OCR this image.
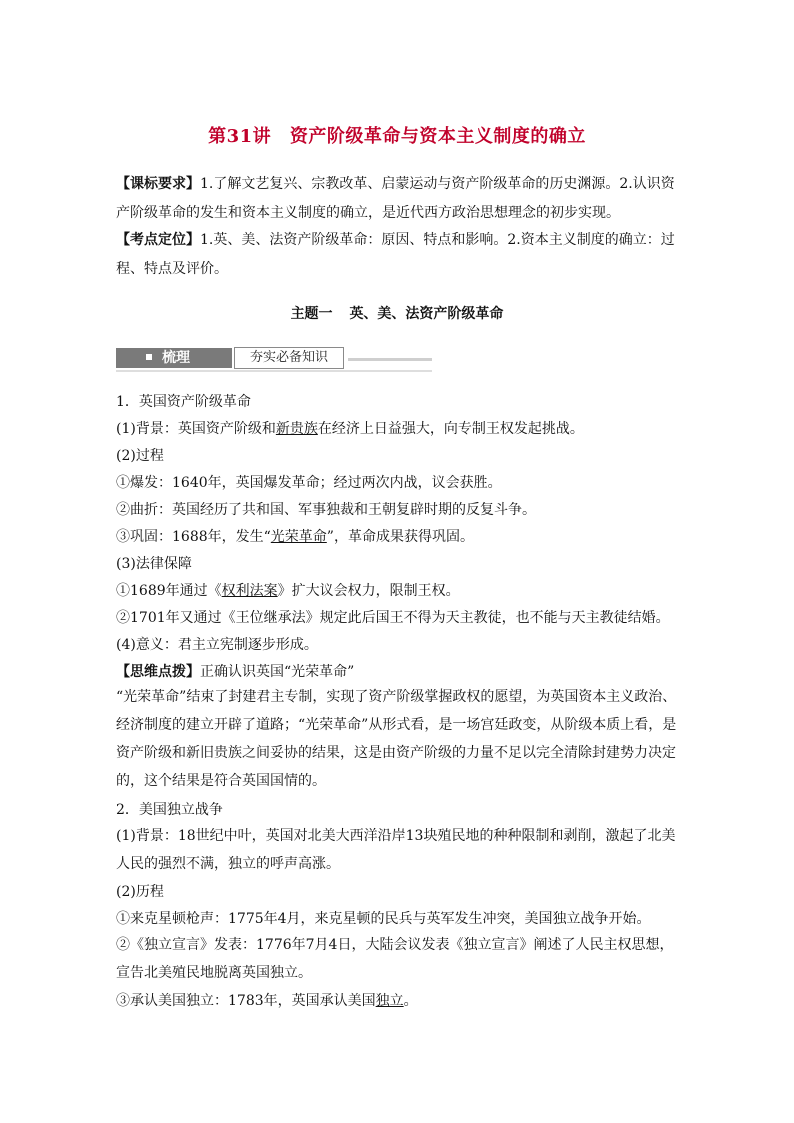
第31讲 资产阶级革命与资本主义制度的确立

【课标要求】1.了解文艺复兴、宗教改革、启蒙运动与资产阶级革命的历史渊源。2.认识资产阶级革命的发生和资本主义制度的确立，是近代西方政治思想理念的初步实现。

【考点定位】1.英、美、法资产阶级革命：原因、特点和影响。2.资本主义制度的确立：过程、特点及评价。

主题一 英、美、法资产阶级革命
梳理	夯实必备知识

1．英国资产阶级革命

(1)背景：英国资产阶级和新贵族在经济上日益强大，向专制王权发起挑战。

(2)过程

①爆发：1640年，英国爆发革命；经过两次内战，议会获胜。

②曲折：英国经历了共和国、军事独裁和王朝复辟时期的反复斗争。

③巩固：1688年，发生“光荣革命”，革命成果获得巩固。

(3)法律保障

①1689年通过《权利法案》扩大议会权力，限制王权。

②1701年又通过《王位继承法》规定此后国王不得为天主教徒，也不能与天主教徒结婚。

(4)意义：君主立宪制逐步形成。

【思维点拨】正确认识英国“光荣革命”

“光荣革命”结束了封建君主专制，实现了资产阶级掌握政权的愿望，为英国资本主义政治、经济制度的建立开辟了道路；“光荣革命”从形式看，是一场宫廷政变，从阶级本质上看，是资产阶级和新旧贵族之间妥协的结果，这是由资产阶级的力量不足以完全清除封建势力决定的，这个结果是符合英国国情的。

2．美国独立战争

(1)背景：18世纪中叶，英国对北美大西洋沿岸13块殖民地的种种限制和剥削，激起了北美人民的强烈不满，独立的呼声高涨。

(2)历程

①来克星顿枪声：1775年4月，来克星顿的民兵与英军发生冲突，美国独立战争开始。

②《独立宣言》发表：1776年7月4日，大陆会议发表《独立宣言》阐述了人民主权思想，宣告北美殖民地脱离英国独立。

③承认美国独立：1783年，英国承认美国独立。
